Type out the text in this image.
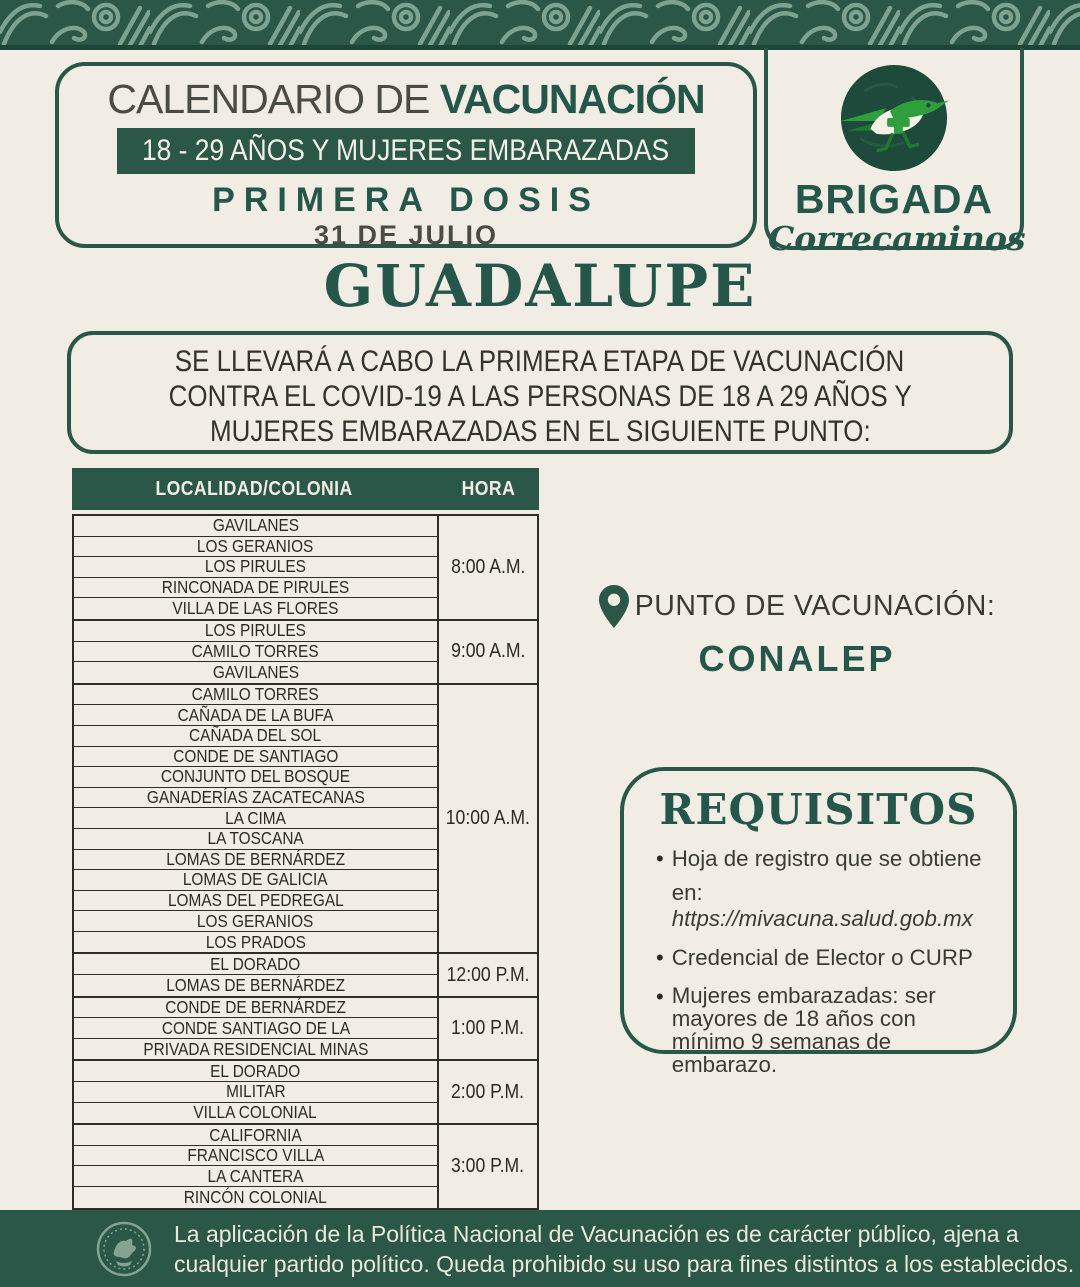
CALENDARIO DE VACUNACIÓN
18 - 29 AÑOS Y MUJERES EMBARAZADAS
PRIMERA DOSIS
31 DE JULIO
BRIGADA
Correcaminos
GUADALUPE
SE LLEVARÁ A CABO LA PRIMERA ETAPA DE VACUNACIÓN
CONTRA EL COVID-19 A LAS PERSONAS DE 18 A 29 AÑOS Y
MUJERES EMBARAZADAS EN EL SIGUIENTE PUNTO:
LOCALIDAD/COLONIA	HORA
GAVILANES
LOS GERANIOS
LOS PIRULES
RINCONADA DE PIRULES
VILLA DE LAS FLORES
8:00 A.M.
LOS PIRULES
CAMILO TORRES
GAVILANES
9:00 A.M.
CAMILO TORRES
CAÑADA DE LA BUFA
CAÑADA DEL SOL
CONDE DE SANTIAGO
CONJUNTO DEL BOSQUE
GANADERÍAS ZACATECANAS
LA CIMA
LA TOSCANA
LOMAS DE BERNÁRDEZ
LOMAS DE GALICIA
LOMAS DEL PEDREGAL
LOS GERANIOS
LOS PRADOS
10:00 A.M.
EL DORADO
LOMAS DE BERNÁRDEZ	12:00 P.M.
CONDE DE BERNÁRDEZ
CONDE SANTIAGO DE LA
PRIVADA RESIDENCIAL MINAS
1:00 P.M.
EL DORADO
MILITAR
VILLA COLONIAL
2:00 P.M.
CALIFORNIA
FRANCISCO VILLA
LA CANTERA
RINCÓN COLONIAL
3:00 P.M.
PUNTO DE VACUNACIÓN:
CONALEP
REQUISITOS
• Hoja de registro que se obtiene
en: https://mivacuna.salud.gob.mx
• Credencial de Elector o CURP
• Mujeres embarazadas: ser
mayores de 18 años con
mínimo 9 semanas de embarazo.
La aplicación de la Política Nacional de Vacunación es de carácter público, ajena a
cualquier partido político. Queda prohibido su uso para fines distintos a los establecidos.
